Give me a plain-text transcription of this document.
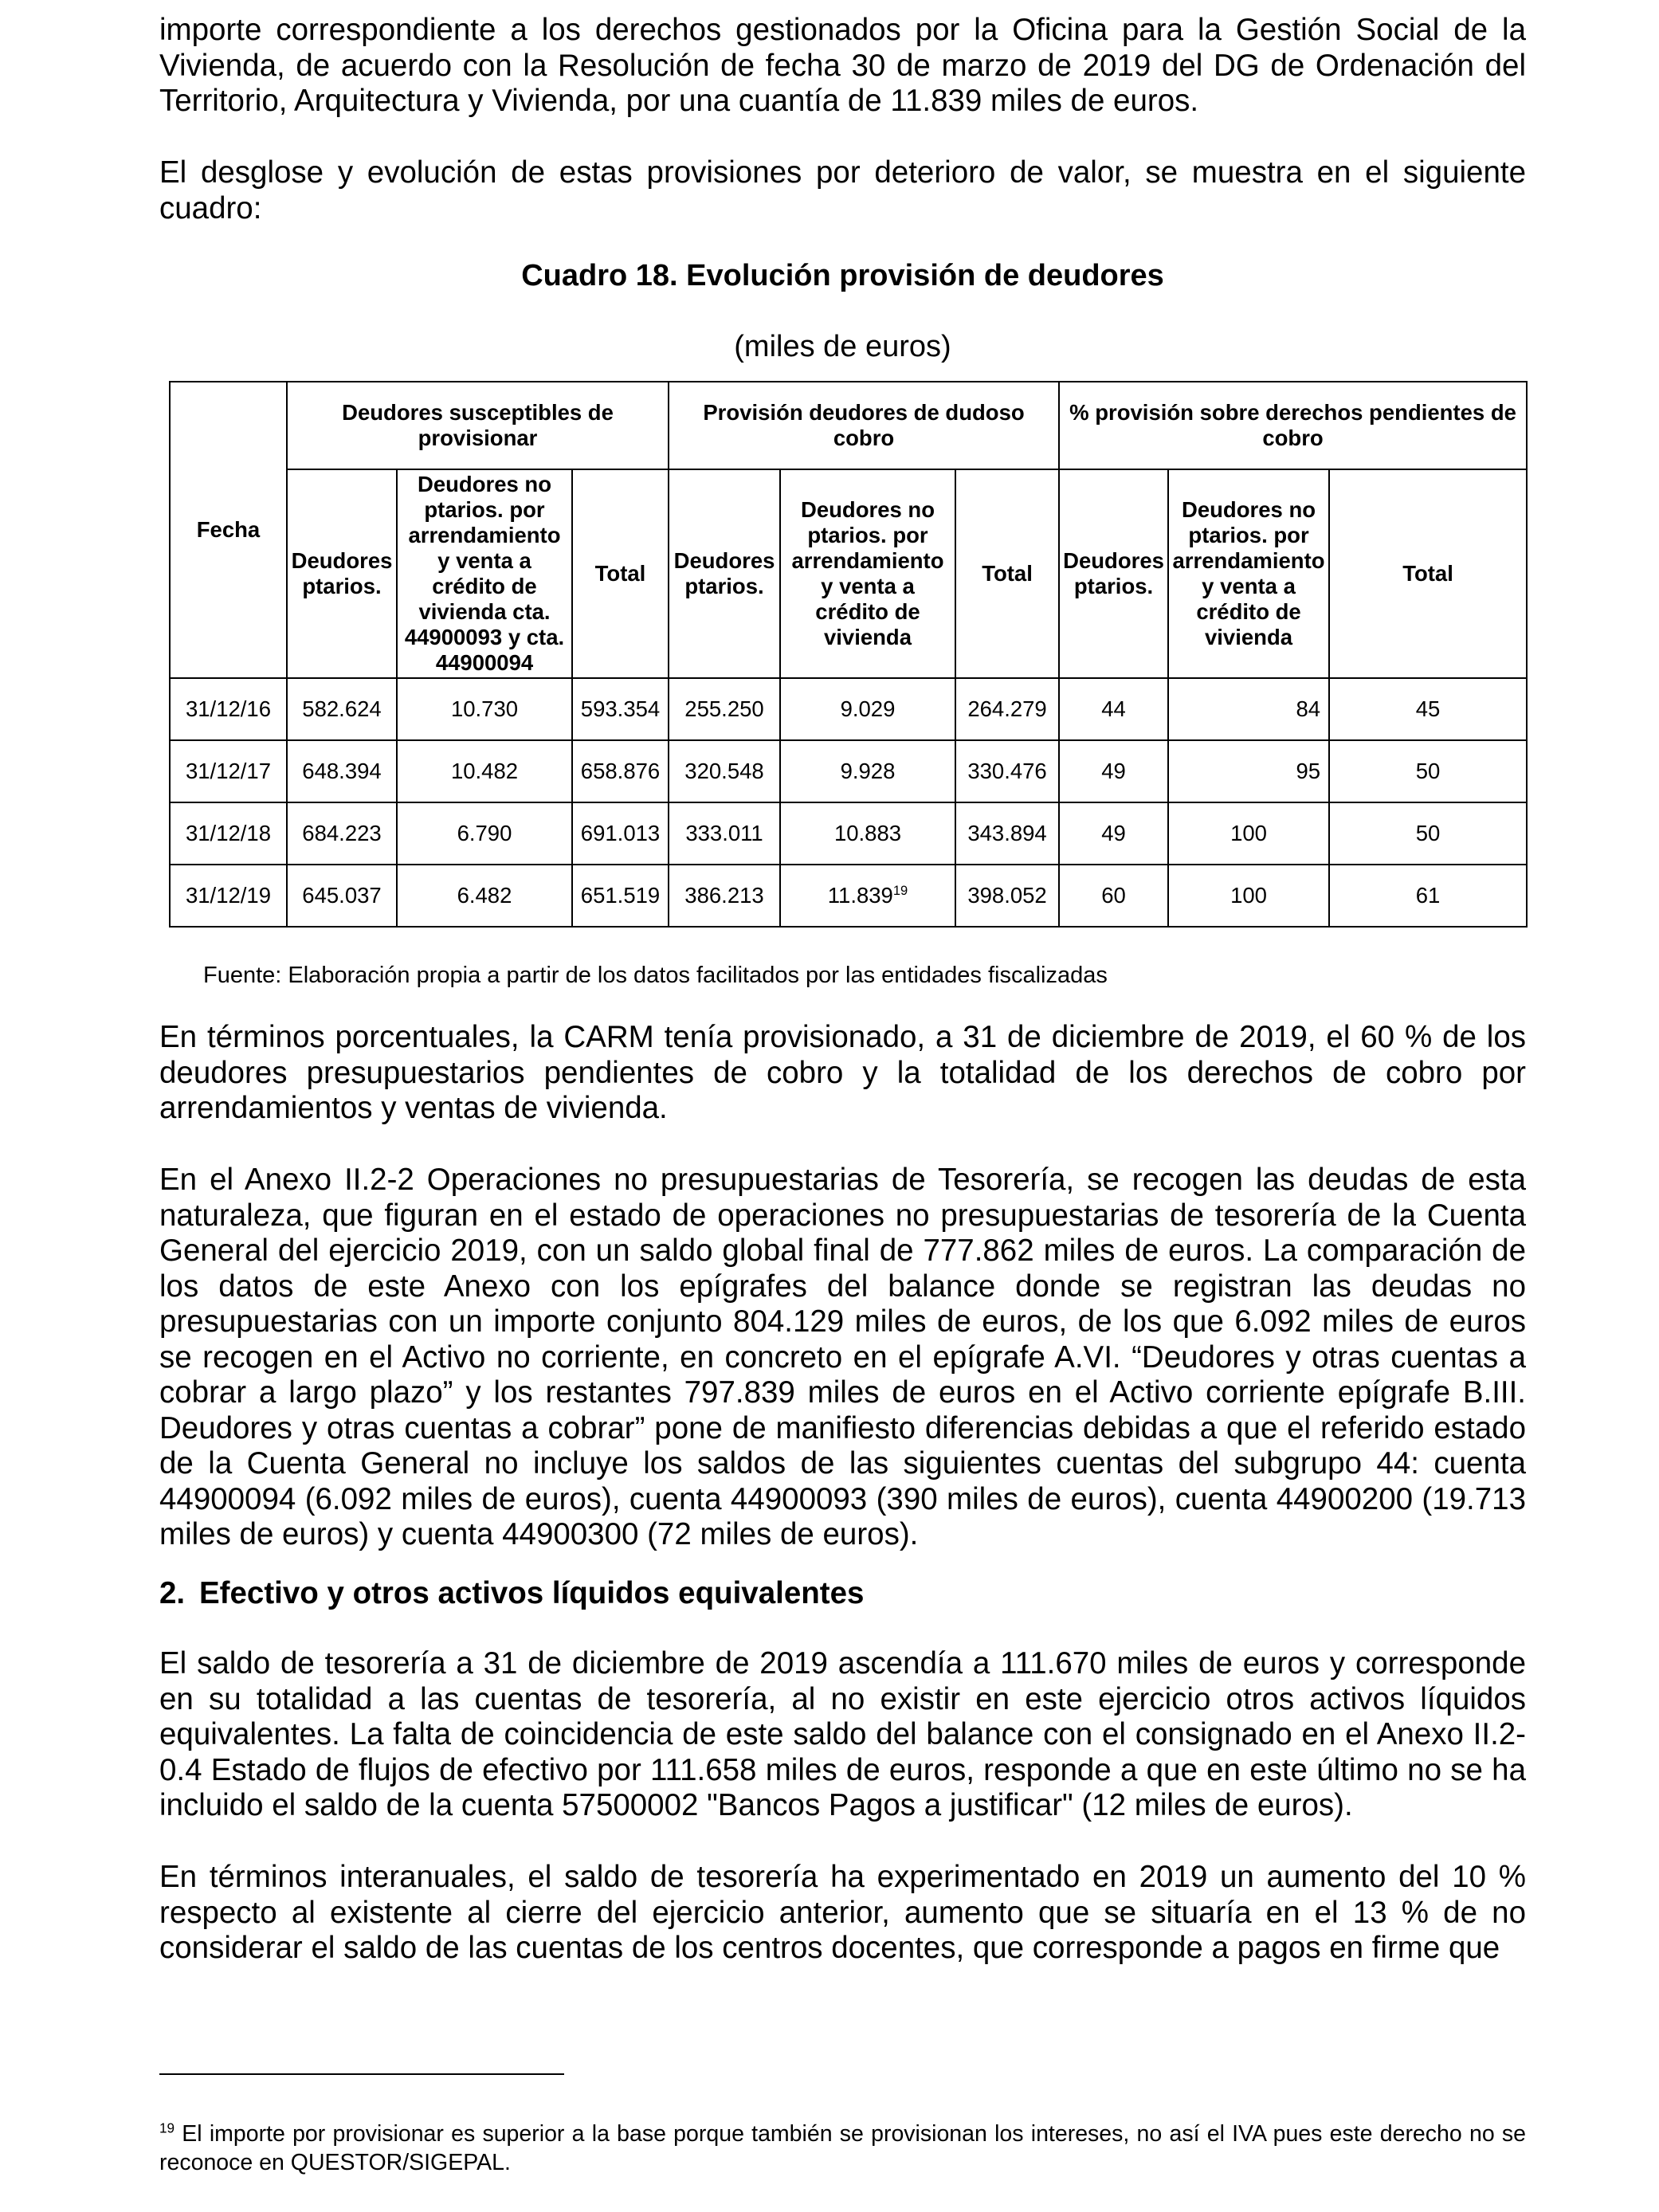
importe correspondiente a los derechos gestionados por la Oficina para la Gestión Social de la Vivienda, de acuerdo con la Resolución de fecha 30 de marzo de 2019 del DG de Ordenación del Territorio, Arquitectura y Vivienda, por una cuantía de 11.839 miles de euros.

El desglose y evolución de estas provisiones por deterioro de valor, se muestra en el siguiente cuadro:

Cuadro 18. Evolución provisión de deudores
(miles de euros)
Fecha	Deudores susceptibles de provisionar			Provisión deudores de dudoso cobro			% provisión sobre derechos pendientes de cobro		
	Deudores ptarios.	Deudores no ptarios. por arrendamiento y venta a crédito de vivienda cta. 44900093 y cta. 44900094	Total	Deudores ptarios.	Deudores no ptarios. por arrendamiento y venta a crédito de vivienda	Total	Deudores ptarios.	Deudores no ptarios. por arrendamiento y venta a crédito de vivienda	Total
31/12/16	582.624	10.730	593.354	255.250	9.029	264.279	44	84	45
31/12/17	648.394	10.482	658.876	320.548	9.928	330.476	49	95	50
31/12/18	684.223	6.790	691.013	333.011	10.883	343.894	49	100	50
31/12/19	645.037	6.482	651.519	386.213	11.839$^{19}$	398.052	60	100	61
Fuente: Elaboración propia a partir de los datos facilitados por las entidades fiscalizadas

En términos porcentuales, la CARM tenía provisionado, a 31 de diciembre de 2019, el 60 % de los deudores presupuestarios pendientes de cobro y la totalidad de los derechos de cobro por arrendamientos y ventas de vivienda.

En el Anexo II.2-2 Operaciones no presupuestarias de Tesorería, se recogen las deudas de esta naturaleza, que figuran en el estado de operaciones no presupuestarias de tesorería de la Cuenta General del ejercicio 2019, con un saldo global final de 777.862 miles de euros. La comparación de los datos de este Anexo con los epígrafes del balance donde se registran las deudas no presupuestarias con un importe conjunto 804.129 miles de euros, de los que 6.092 miles de euros se recogen en el Activo no corriente, en concreto en el epígrafe A.VI. “Deudores y otras cuentas a cobrar a largo plazo” y los restantes 797.839 miles de euros en el Activo corriente epígrafe B.III. Deudores y otras cuentas a cobrar” pone de manifiesto diferencias debidas a que el referido estado de la Cuenta General no incluye los saldos de las siguientes cuentas del subgrupo 44: cuenta 44900094 (6.092 miles de euros), cuenta 44900093 (390 miles de euros), cuenta 44900200 (19.713 miles de euros) y cuenta 44900300 (72 miles de euros).

2. Efectivo y otros activos líquidos equivalentes

El saldo de tesorería a 31 de diciembre de 2019 ascendía a 111.670 miles de euros y corresponde en su totalidad a las cuentas de tesorería, al no existir en este ejercicio otros activos líquidos equivalentes. La falta de coincidencia de este saldo del balance con el consignado en el Anexo II.2-0.4 Estado de flujos de efectivo por 111.658 miles de euros, responde a que en este último no se ha incluido el saldo de la cuenta 57500002 "Bancos Pagos a justificar" (12 miles de euros).

En términos interanuales, el saldo de tesorería ha experimentado en 2019 un aumento del 10 % respecto al existente al cierre del ejercicio anterior, aumento que se situaría en el 13 % de no considerar el saldo de las cuentas de los centros docentes, que corresponde a pagos en firme que

$^{19}$ El importe por provisionar es superior a la base porque también se provisionan los intereses, no así el IVA pues este derecho no se reconoce en QUESTOR/SIGEPAL.
